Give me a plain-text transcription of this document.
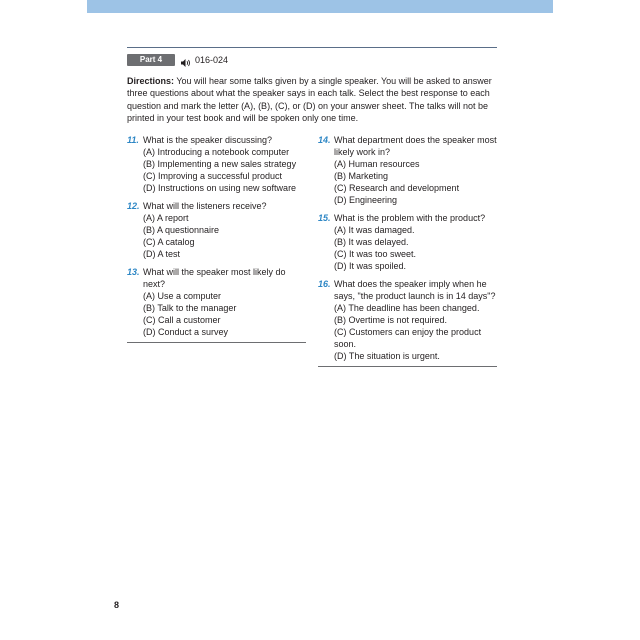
Part 4	016-024

Directions: You will hear some talks given by a single speaker. You will be asked to answer three questions about what the speaker says in each talk. Select the best response to each question and mark the letter (A), (B), (C), or (D) on your answer sheet. The talks will not be printed in your test book and will be spoken only one time.

11. What is the speaker discussing?
(A) Introducing a notebook computer
(B) Implementing a new sales strategy
(C) Improving a successful product
(D) Instructions on using new software
12. What will the listeners receive?
(A) A report
(B) A questionnaire
(C) A catalog
(D) A test
13. What will the speaker most likely do next?
(A) Use a computer
(B) Talk to the manager
(C) Call a customer
(D) Conduct a survey
14. What department does the speaker most likely work in?
(A) Human resources
(B) Marketing
(C) Research and development
(D) Engineering
15. What is the problem with the product?
(A) It was damaged.
(B) It was delayed.
(C) It was too sweet.
(D) It was spoiled.
16. What does the speaker imply when he says, "the product launch is in 14 days"?
(A) The deadline has been changed.
(B) Overtime is not required.
(C) Customers can enjoy the product soon.
(D) The situation is urgent.
8
